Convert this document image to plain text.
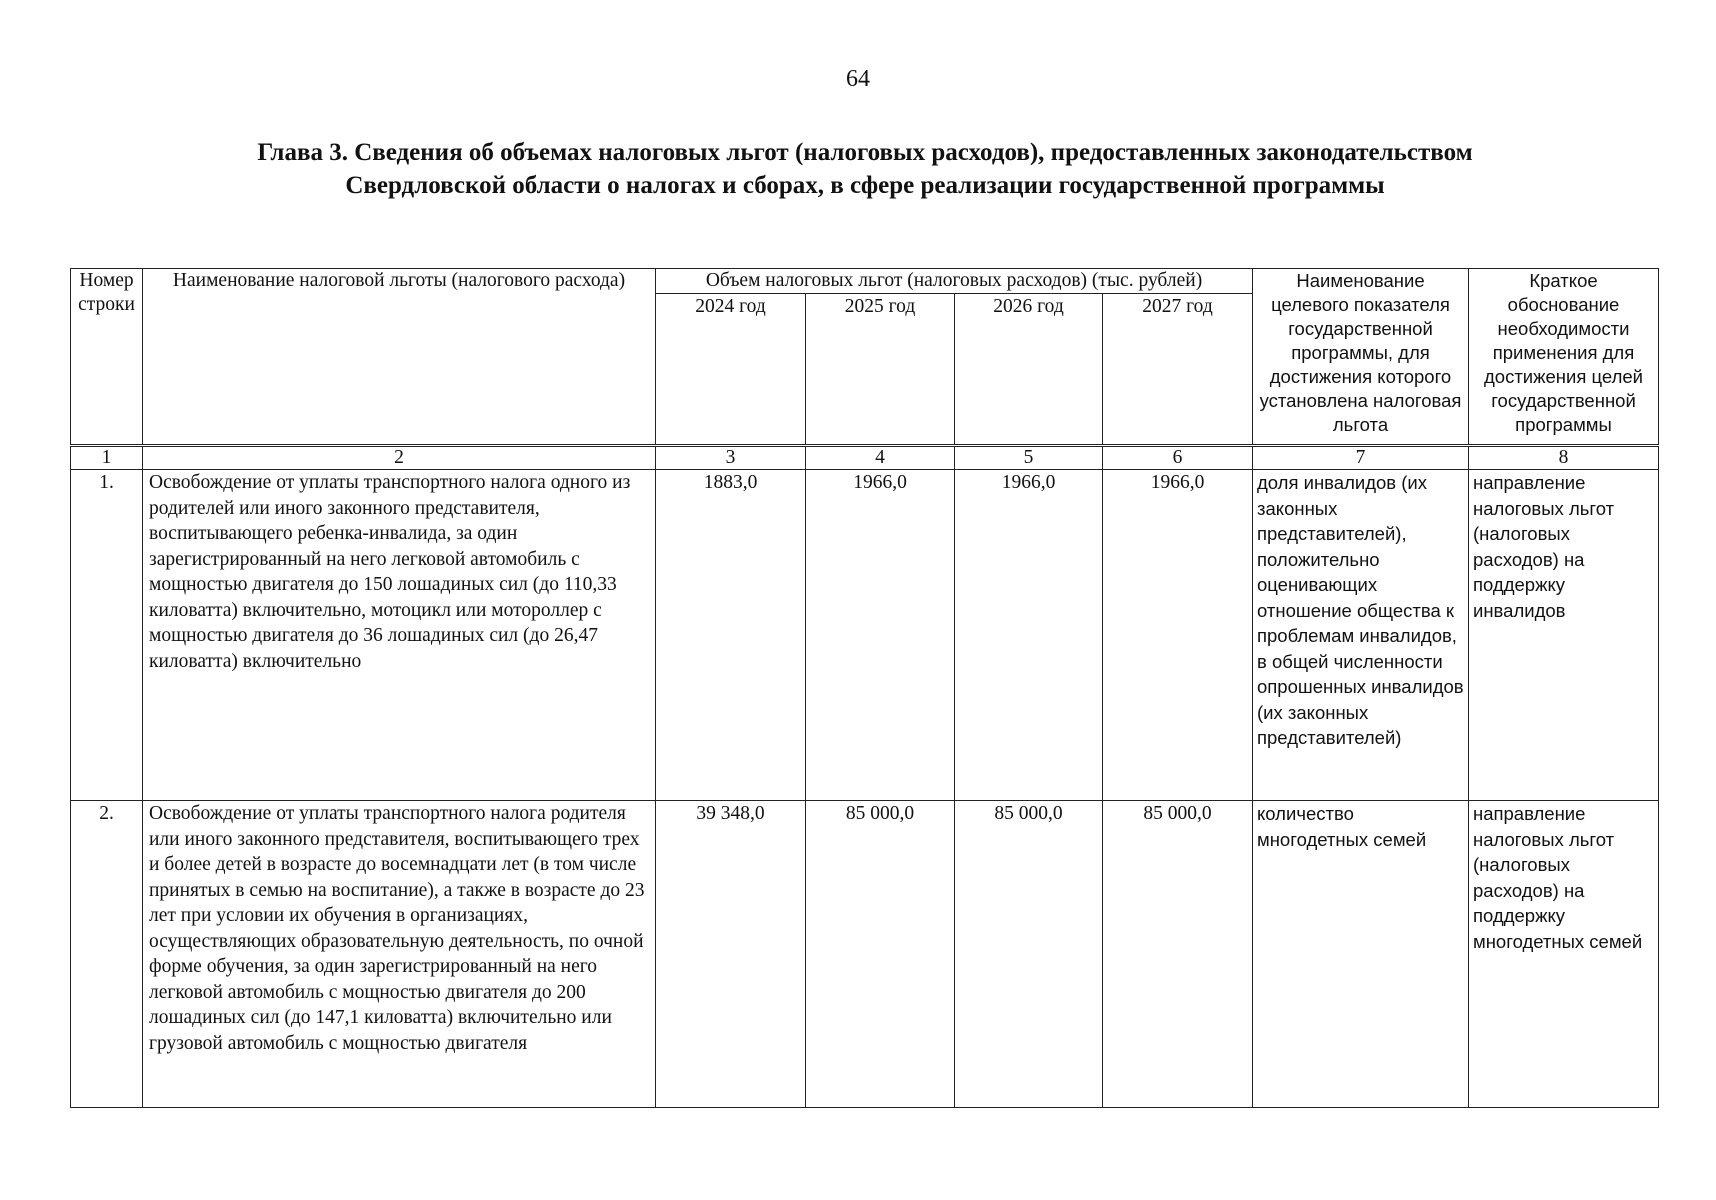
64
Глава 3. Сведения об объемах налоговых льгот (налоговых расходов), предоставленных законодательством
Свердловской области о налогах и сборах, в сфере реализации государственной программы
Номер строки	Наименование налоговой льготы (налогового расхода)	Объем налоговых льгот (налоговых расходов) (тыс. рублей)				Наименование целевого показателя государственной программы, для достижения которого установлена налоговая льгота	Краткое обоснование необходимости применения для достижения целей государственной программы
		2024 год	2025 год	2026 год	2027 год		
1	2	3	4	5	6	7	8
1.	Освобождение от уплаты транспортного налога одного из родителей или иного законного представителя, воспитывающего ребенка-инвалида, за один зарегистрированный на него легковой автомобиль с мощностью двигателя до 150 лошадиных сил (до 110,33 киловатта) включительно, мотоцикл или мотороллер с мощностью двигателя до 36 лошадиных сил (до 26,47 киловатта) включительно	1883,0	1966,0	1966,0	1966,0	доля инвалидов (их законных представителей), положительно оценивающих отношение общества к проблемам инвалидов, в общей численности опрошенных инвалидов (их законных представителей)	направление налоговых льгот (налоговых расходов) на поддержку инвалидов
2.	Освобождение от уплаты транспортного налога родителя или иного законного представителя, воспитывающего трех и более детей в возрасте до восемнадцати лет (в том числе принятых в семью на воспитание), а также в возрасте до 23 лет при условии их обучения в организациях, осуществляющих образовательную деятельность, по очной форме обучения, за один зарегистрированный на него легковой автомобиль с мощностью двигателя до 200 лошадиных сил (до 147,1 киловатта) включительно или грузовой автомобиль с мощностью двигателя	39 348,0	85 000,0	85 000,0	85 000,0	количество многодетных семей	направление налоговых льгот (налоговых расходов) на поддержку многодетных семей
